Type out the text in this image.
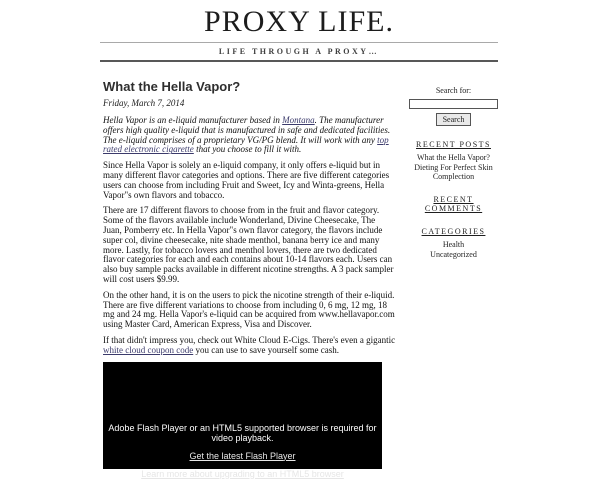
PROXY LIFE.
LIFE THROUGH A PROXY…
What the Hella Vapor?
Friday, March 7, 2014

Hella Vapor is an e-liquid manufacturer based in Montana. The manufacturer offers high quality e-liquid that is manufactured in safe and dedicated facilities. The e-liquid comprises of a proprietary VG/PG blend. It will work with any top rated electronic cigarette that you choose to fill it with.

Since Hella Vapor is solely an e-liquid company, it only offers e-liquid but in many different flavor categories and options. There are five different categories users can choose from including Fruit and Sweet, Icy and Winta-greens, Hella Vapor"s own flavors and tobacco.

There are 17 different flavors to choose from in the fruit and flavor category. Some of the flavors available include Wonderland, Divine Cheesecake, The Juan, Pomberry etc. In Hella Vapor"s own flavor category, the flavors include super col, divine cheesecake, nite shade menthol, banana berry ice and many more. Lastly, for tobacco lovers and menthol lovers, there are two dedicated flavor categories for each and each contains about 10-14 flavors each. Users can also buy sample packs available in different nicotine strengths. A 3 pack sampler will cost users $9.99.

On the other hand, it is on the users to pick the nicotine strength of their e-liquid. There are five different variations to choose from including 0, 6 mg, 12 mg, 18 mg and 24 mg. Hella Vapor's e-liquid can be acquired from www.hellavapor.com using Master Card, American Express, Visa and Discover.

If that didn't impress you, check out White Cloud E-Cigs. There's even a gigantic white cloud coupon code you can use to save yourself some cash.

Adobe Flash Player or an HTML5 supported browser is required for video playback.

Get the latest Flash Player
Learn more about upgrading to an HTML5 browser
Search for:
Search
RECENT POSTS
What the Hella Vapor?
Dieting For Perfect Skin Complection
RECENT COMMENTS
CATEGORIES
Health
Uncategorized
